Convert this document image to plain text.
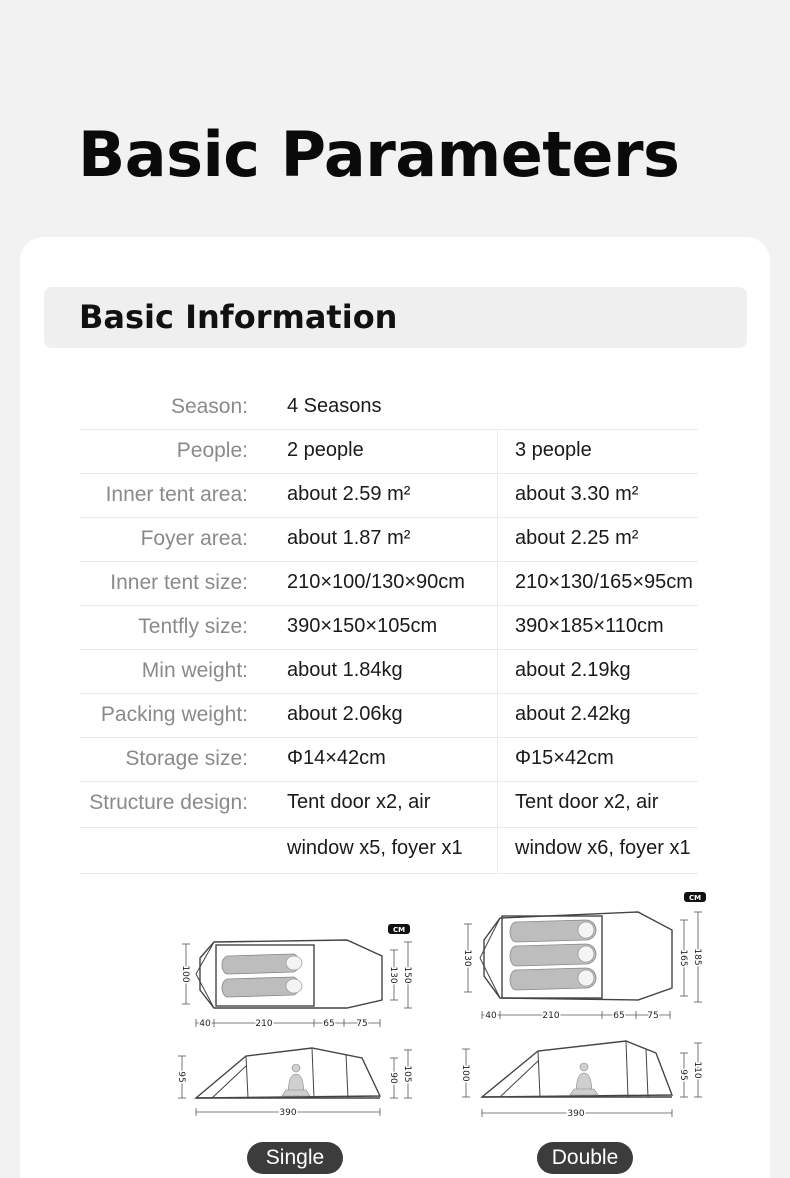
Basic Parameters
Basic Information
Season: 4 Seasons
People: 2 people	3 people
Inner tent area: about 2.59 m²	about 3.30 m²
Foyer area: about 1.87 m²	about 2.25 m²
Inner tent size: 210×100/130×90cm	210×130/165×95cm
Tentfly size: 390×150×105cm	390×185×110cm
Min weight: about 1.84kg	about 2.19kg
Packing weight: about 2.06kg	about 2.42kg
Storage size: Φ14×42cm	Φ15×42cm
Structure design: Tent door x2, air	Tent door x2, air
window x5, foyer x1	window x6, foyer x1
CM
100	130 150
40	210	65 75
95	90 105
390
CM
130	165 185
40	210	65	75
100	95 110
390
Single	Double
